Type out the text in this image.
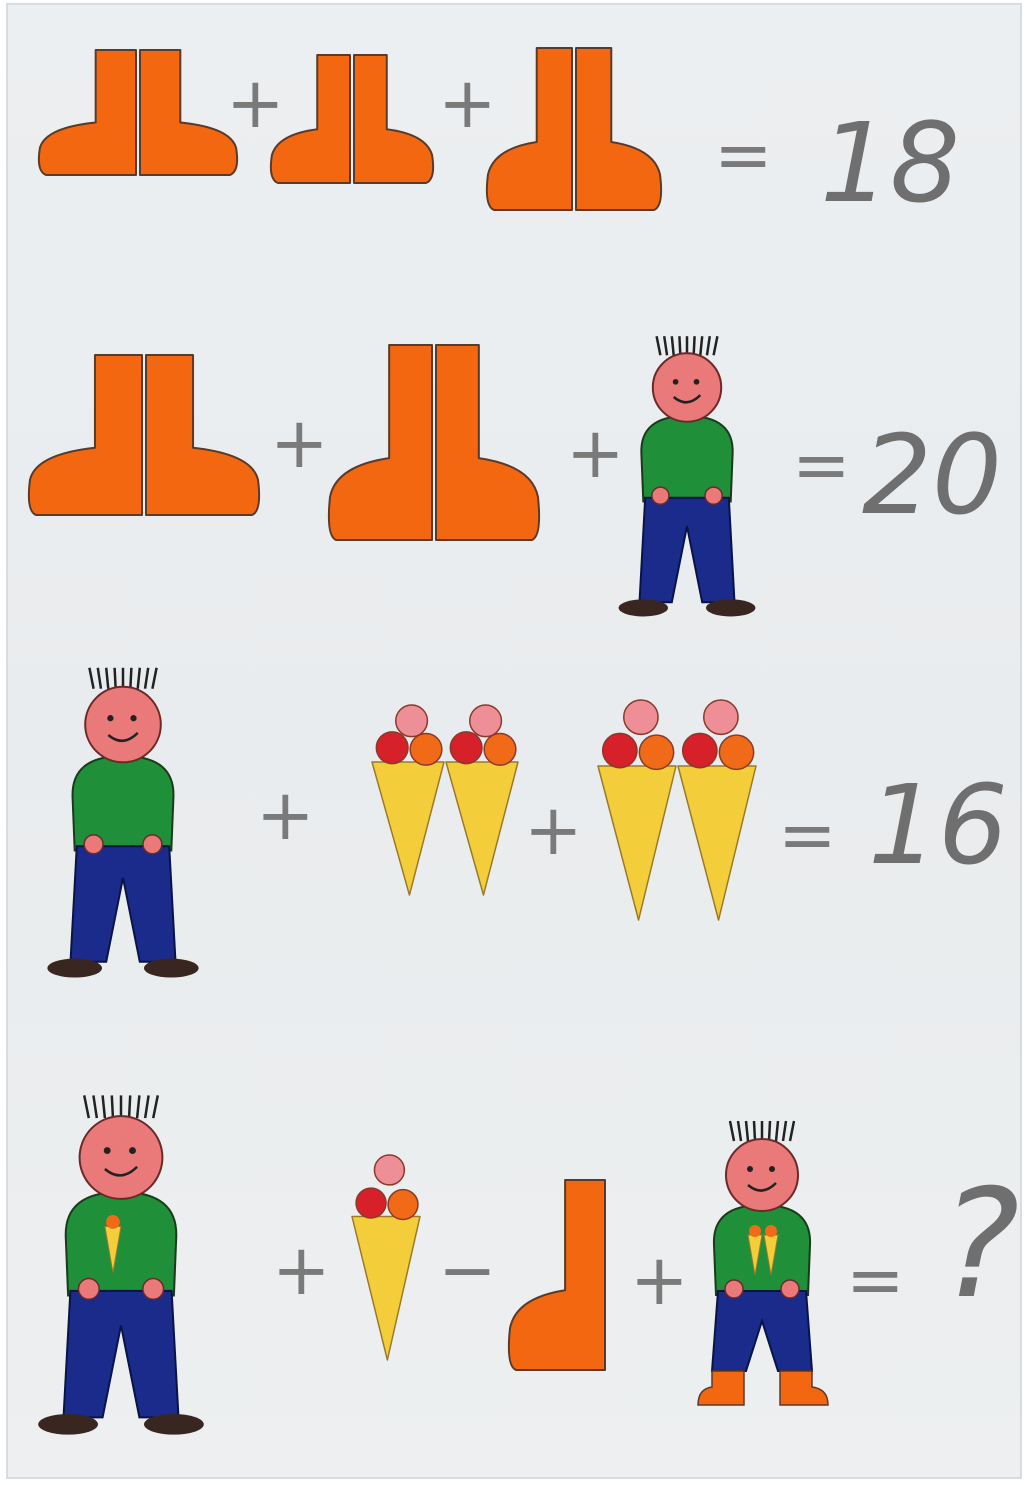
+ +
= 18
+	+ = 20
+	+	= 16
+ − + = ?
